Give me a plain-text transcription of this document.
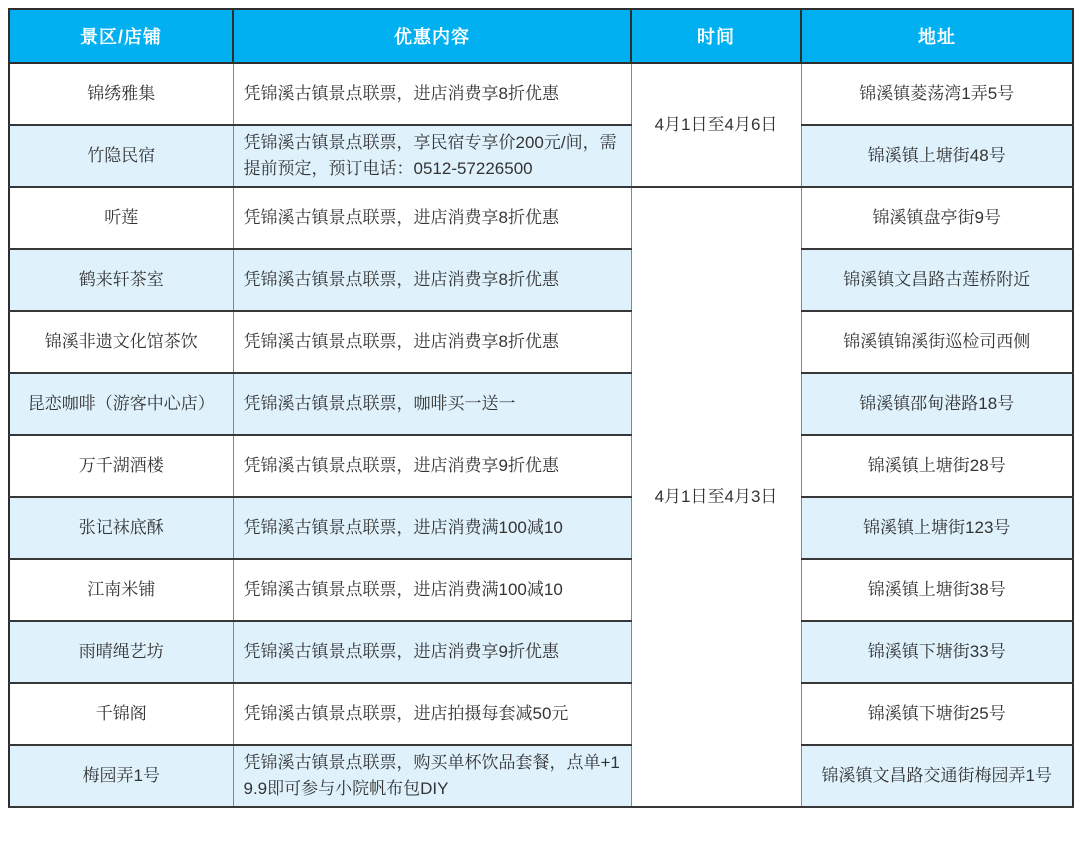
景区/店铺	优惠内容	时间	地址
锦绣雅集	凭锦溪古镇景点联票，进店消费享8折优惠	4月1日至4月6日	锦溪镇菱荡湾1弄5号
竹隐民宿	凭锦溪古镇景点联票，享民宿专享价200元/间，需提前预定，预订电话：0512-57226500		锦溪镇上塘街48号
听莲	凭锦溪古镇景点联票，进店消费享8折优惠	4月1日至4月3日	锦溪镇盘亭街9号
鹤来轩茶室	凭锦溪古镇景点联票，进店消费享8折优惠		锦溪镇文昌路古莲桥附近
锦溪非遗文化馆茶饮	凭锦溪古镇景点联票，进店消费享8折优惠		锦溪镇锦溪街巡检司西侧
昆恋咖啡（游客中心店）	凭锦溪古镇景点联票，咖啡买一送一		锦溪镇邵甸港路18号
万千湖酒楼	凭锦溪古镇景点联票，进店消费享9折优惠		锦溪镇上塘街28号
张记袜底酥	凭锦溪古镇景点联票，进店消费满100减10		锦溪镇上塘街123号
江南米铺	凭锦溪古镇景点联票，进店消费满100减10		锦溪镇上塘街38号
雨晴绳艺坊	凭锦溪古镇景点联票，进店消费享9折优惠		锦溪镇下塘街33号
千锦阁	凭锦溪古镇景点联票，进店拍摄每套减50元		锦溪镇下塘街25号
梅园弄1号	凭锦溪古镇景点联票，购买单杯饮品套餐，点单+19.9即可参与小院帆布包DIY		锦溪镇文昌路交通街梅园弄1号
